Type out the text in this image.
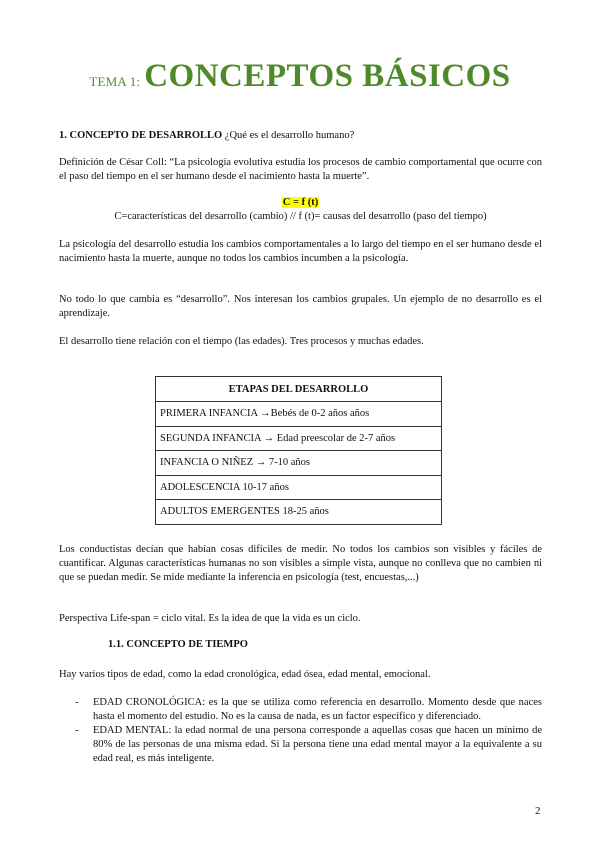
TEMA 1: CONCEPTOS BÁSICOS
1. CONCEPTO DE DESARROLLO ¿Qué es el desarrollo humano?
Definición de César Coll: “La psicología evolutiva estudia los procesos de cambio comportamental que ocurre con el paso del tiempo en el ser humano desde el nacimiento hasta la muerte”.
C = f (t)
C=características del desarrollo (cambio) // f (t)= causas del desarrollo (paso del tiempo)
La psicología del desarrollo estudia los cambios comportamentales a lo largo del tiempo en el ser humano desde el nacimiento hasta la muerte, aunque no todos los cambios incumben a la psicología.
No todo lo que cambia es “desarrollo”. Nos interesan los cambios grupales. Un ejemplo de no desarrollo es el aprendizaje.
El desarrollo tiene relación con el tiempo (las edades). Tres procesos y muchas edades.
ETAPAS DEL DESARROLLO
PRIMERA INFANCIA →Bebés de 0-2 años años
SEGUNDA INFANCIA → Edad preescolar de 2-7 años
INFANCIA O NIÑEZ → 7-10 años
ADOLESCENCIA 10-17 años
ADULTOS EMERGENTES 18-25 años
Los conductistas decían que habían cosas difíciles de medir. No todos los cambios son visibles y fáciles de cuantificar. Algunas características humanas no son visibles a simple vista, aunque no conlleva que no cambien ni que se puedan medir. Se mide mediante la inferencia en psicología (test, encuestas,...)
Perspectiva Life-span = ciclo vital. Es la idea de que la vida es un ciclo.
1.1. CONCEPTO DE TIEMPO
Hay varios tipos de edad, como la edad cronológica, edad ósea, edad mental, emocional.
- EDAD CRONOLÓGICA: es la que se utiliza como referencia en desarrollo. Momento desde que naces hasta el momento del estudio. No es la causa de nada, es un factor específico y diferenciado.
- EDAD MENTAL: la edad normal de una persona corresponde a aquellas cosas que hacen un mínimo de 80% de las personas de una misma edad. Si la persona tiene una edad mental mayor a la equivalente a su edad real, es más inteligente.
2
